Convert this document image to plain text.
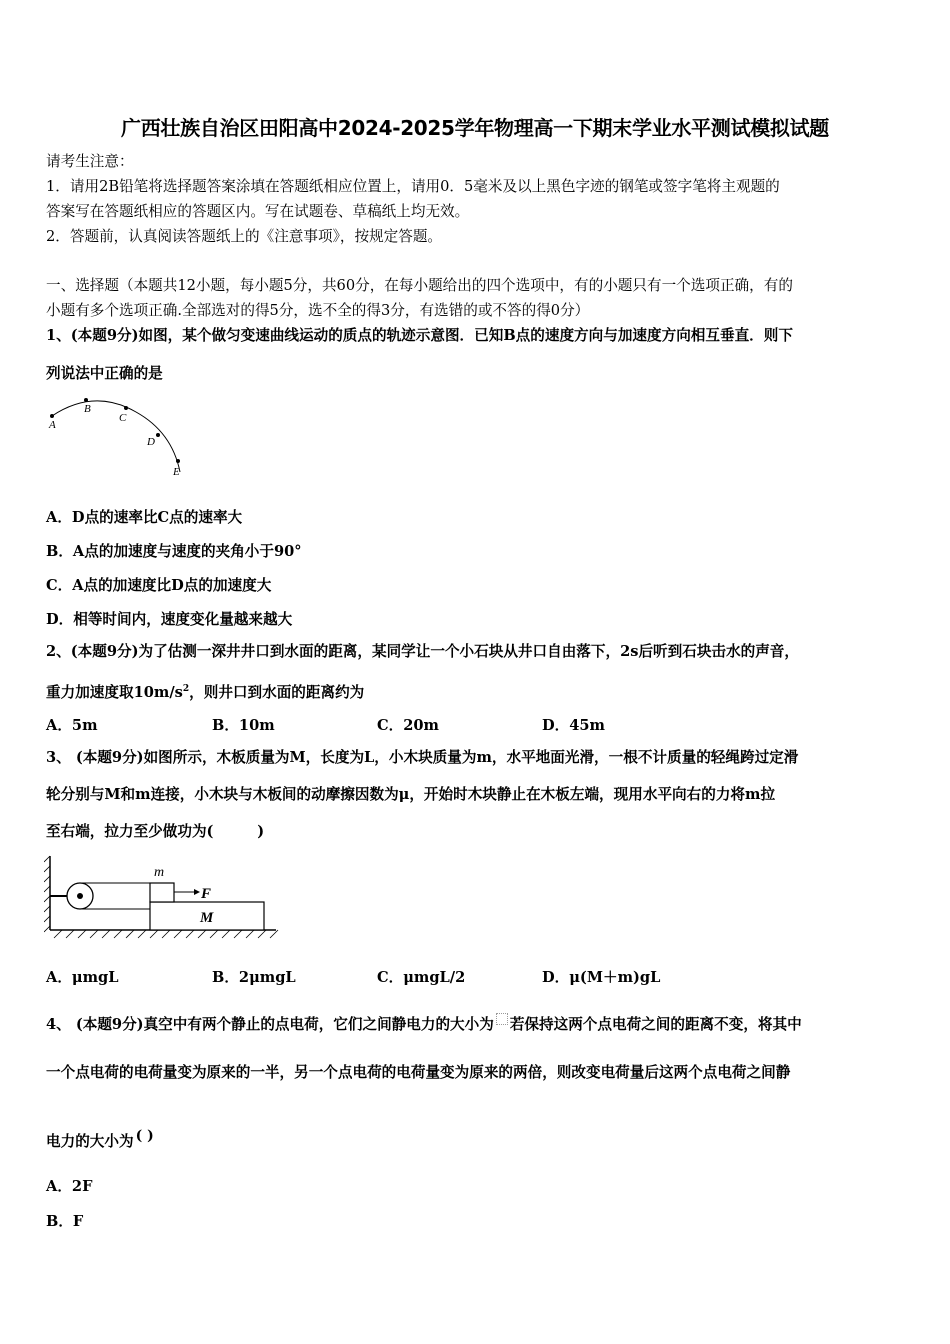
广西壮族自治区田阳高中2024-2025学年物理高一下期末学业水平测试模拟试题
请考生注意：
1．请用2B铅笔将选择题答案涂填在答题纸相应位置上，请用0．5毫米及以上黑色字迹的钢笔或签字笔将主观题的
答案写在答题纸相应的答题区内。写在试题卷、草稿纸上均无效。
2．答题前，认真阅读答题纸上的《注意事项》，按规定答题。
一、选择题（本题共12小题，每小题5分，共60分，在每小题给出的四个选项中，有的小题只有一个选项正确，有的
小题有多个选项正确.全部选对的得5分，选不全的得3分，有选错的或不答的得0分）
1、(本题9分)如图，某个做匀变速曲线运动的质点的轨迹示意图．已知B点的速度方向与加速度方向相互垂直．则下
列说法中正确的是
A
B
C
D
E
A．D点的速率比C点的速率大
B．A点的加速度与速度的夹角小于90°
C．A点的加速度比D点的加速度大
D．相等时间内，速度变化量越来越大
2、(本题9分)为了估测一深井井口到水面的距离，某同学让一个小石块从井口自由落下，2s后听到石块击水的声音，
重力加速度取$10m/s^2$，则井口到水面的距离约为
A．5m	B．10m	C．20m	D．45m
3、 (本题9分)如图所示，木板质量为M，长度为L，小木块质量为m，水平地面光滑，一根不计质量的轻绳跨过定滑
轮分别与M和m连接，小木块与木板间的动摩擦因数为μ，开始时木块静止在木板左端，现用水平向右的力将m拉
至右端，拉力至少做功为(　　　)
m
F
M
A．μmgL	B．2μmgL	C．μmgL/2	D．μ(M＋m)gL
4、 (本题9分)真空中有两个静止的点电荷，它们之间静电力的大小为 若保持这两个点电荷之间的距离不变，将其中
一个点电荷的电荷量变为原来的一半，另一个点电荷的电荷量变为原来的两倍，则改变电荷量后这两个点电荷之间静
电力的大小为 ( )
A．2F
B．F
